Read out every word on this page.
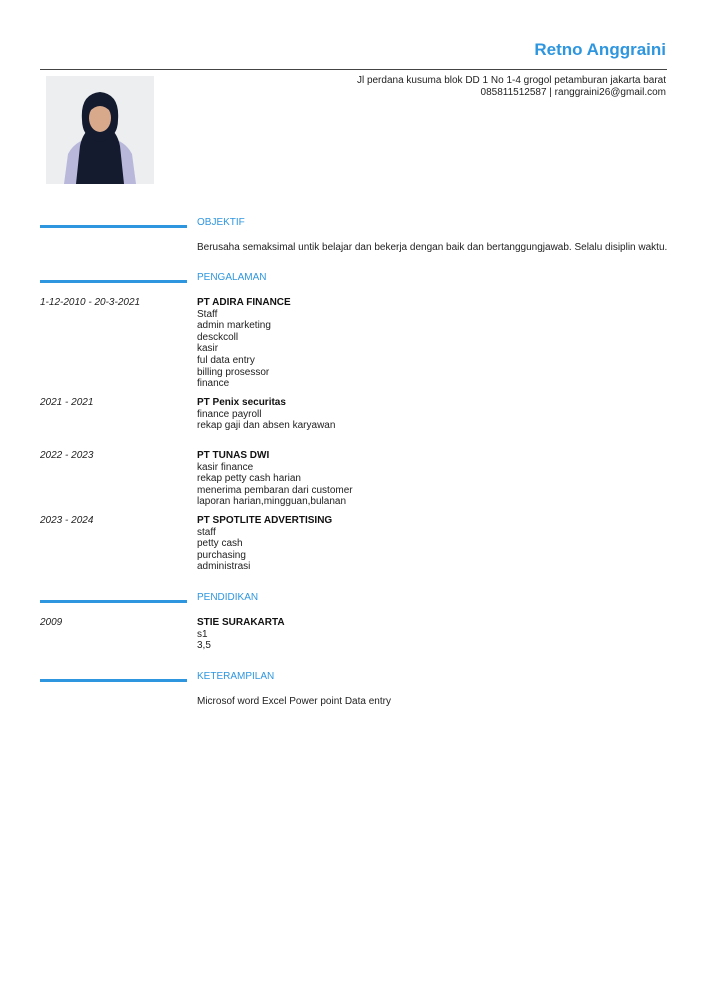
Retno Anggraini
Jl perdana kusuma blok DD 1 No 1-4 grogol petamburan jakarta barat
085811512587 | ranggraini26@gmail.com
OBJEKTIF
Berusaha semaksimal untik belajar dan bekerja dengan baik dan bertanggungjawab. Selalu disiplin waktu.
PENGALAMAN
1-12-2010 - 20-3-2021	PT ADIRA FINANCE
Staff
admin marketing
desckcoll
kasir
ful data entry
billing prosessor
finance
2021 - 2021	PT Penix securitas
finance payroll
rekap gaji dan absen karyawan
2022 - 2023	PT TUNAS DWI
kasir finance
rekap petty cash harian
menerima pembaran dari customer
laporan harian,mingguan,bulanan
2023 - 2024	PT SPOTLITE ADVERTISING
staff
petty cash
purchasing
administrasi
PENDIDIKAN
2009	STIE SURAKARTA
s1
3,5
KETERAMPILAN
Microsof word Excel Power point Data entry
